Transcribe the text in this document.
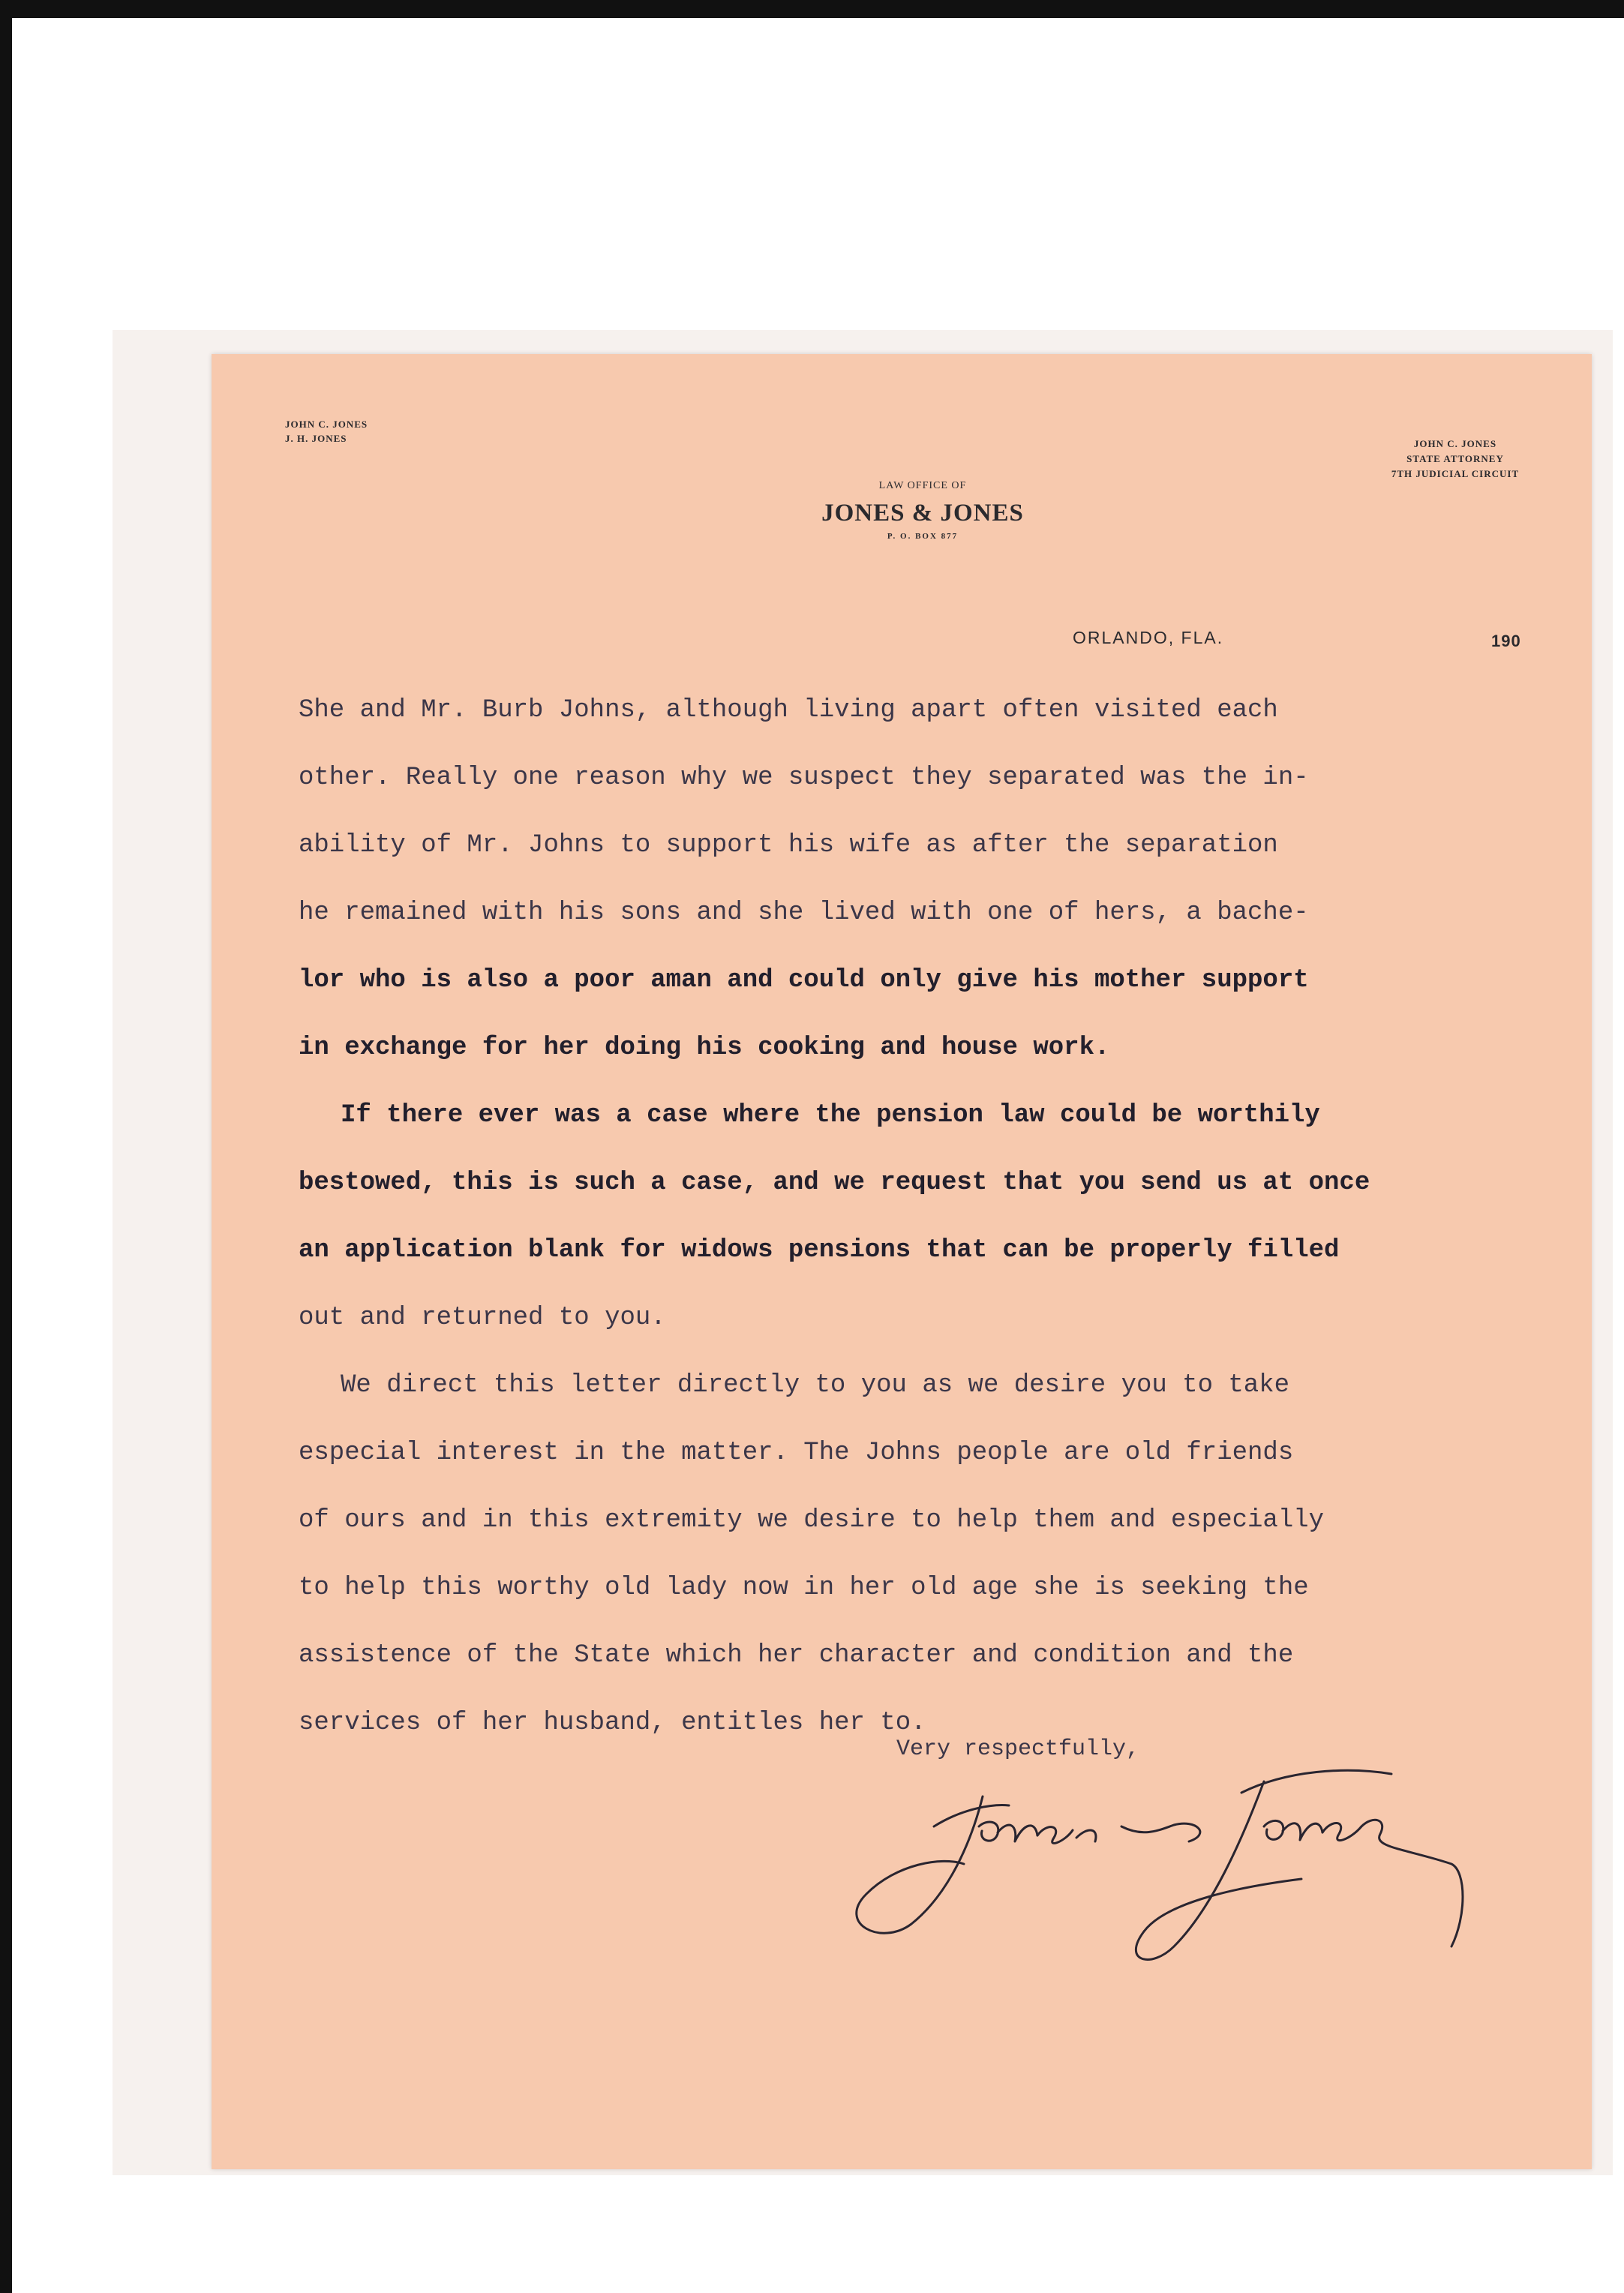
JOHN C. JONES
J. H. JONES	JOHN C. JONES
STATE ATTORNEY
7TH JUDICIAL CIRCUIT
LAW OFFICE OF
JONES & JONES
P. O. BOX 877
ORLANDO, FLA.	190
She and Mr. Burb Johns, although living apart often visited each
other. Really one reason why we suspect they separated was the in-
ability of Mr. Johns to support his wife as after the separation
he remained with his sons and she lived with one of hers, a bache-
lor who is also a poor aman and could only give his mother support
in exchange for her doing his cooking and house work.
If there ever was a case where the pension law could be worthily
bestowed, this is such a case, and we request that you send us at once
an application blank for widows pensions that can be properly filled
out and returned to you.
We direct this letter directly to you as we desire you to take
especial interest in the matter. The Johns people are old friends
of ours and in this extremity we desire to help them and especially
to help this worthy old lady now in her old age she is seeking the
assistence of the State which her character and condition and the
services of her husband, entitles her to.
Very respectfully,
